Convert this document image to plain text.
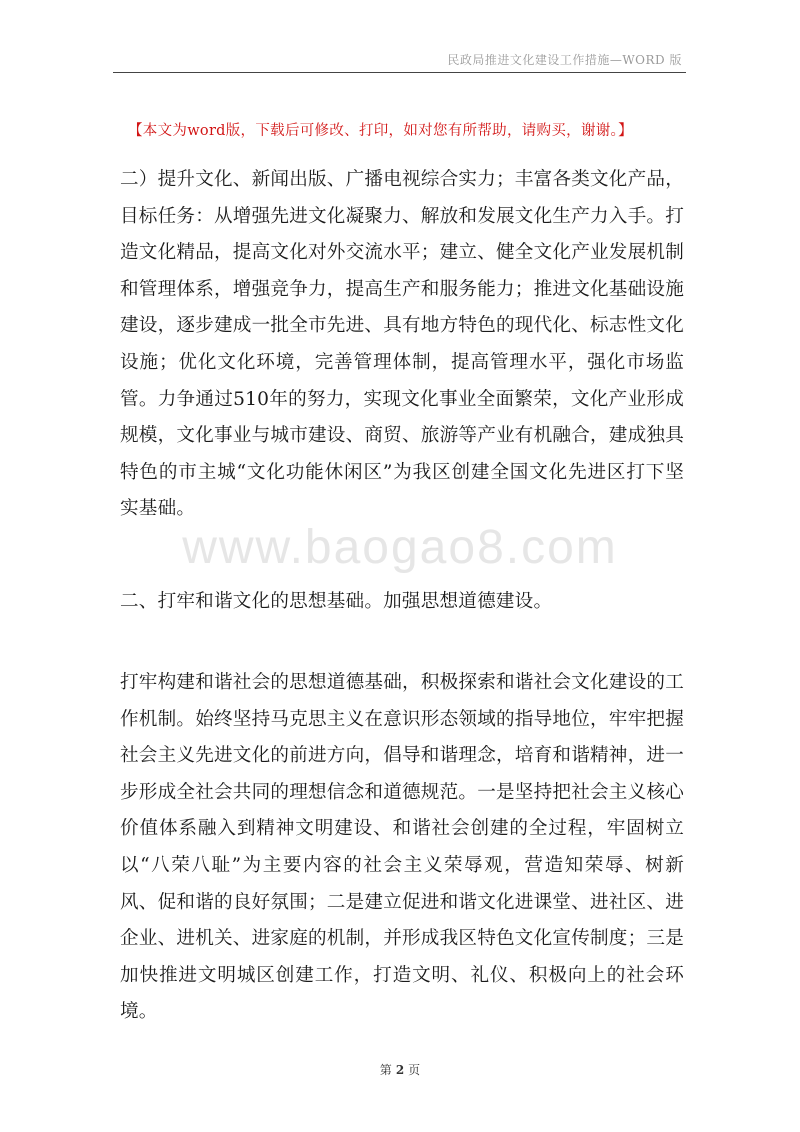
民政局推进文化建设工作措施—WORD 版
【本文为word版，下载后可修改、打印，如对您有所帮助，请购买，谢谢。】
www.baogao8.com
二）提升文化、新闻出版、广播电视综合实力；丰富各类文化产品，目标任务：从增强先进文化凝聚力、解放和发展文化生产力入手。打造文化精品，提高文化对外交流水平；建立、健全文化产业发展机制和管理体系，增强竞争力，提高生产和服务能力；推进文化基础设施建设，逐步建成一批全市先进、具有地方特色的现代化、标志性文化设施；优化文化环境，完善管理体制，提高管理水平，强化市场监管。力争通过510年的努力，实现文化事业全面繁荣，文化产业形成规模，文化事业与城市建设、商贸、旅游等产业有机融合，建成独具特色的市主城“文化功能休闲区”为我区创建全国文化先进区打下坚实基础。
二、打牢和谐文化的思想基础。加强思想道德建设。
打牢构建和谐社会的思想道德基础，积极探索和谐社会文化建设的工作机制。始终坚持马克思主义在意识形态领域的指导地位，牢牢把握社会主义先进文化的前进方向，倡导和谐理念，培育和谐精神，进一步形成全社会共同的理想信念和道德规范。一是坚持把社会主义核心价值体系融入到精神文明建设、和谐社会创建的全过程，牢固树立以“八荣八耻”为主要内容的社会主义荣辱观，营造知荣辱、树新风、促和谐的良好氛围；二是建立促进和谐文化进课堂、进社区、进企业、进机关、进家庭的机制，并形成我区特色文化宣传制度；三是加快推进文明城区创建工作，打造文明、礼仪、积极向上的社会环境。
第 2 页
